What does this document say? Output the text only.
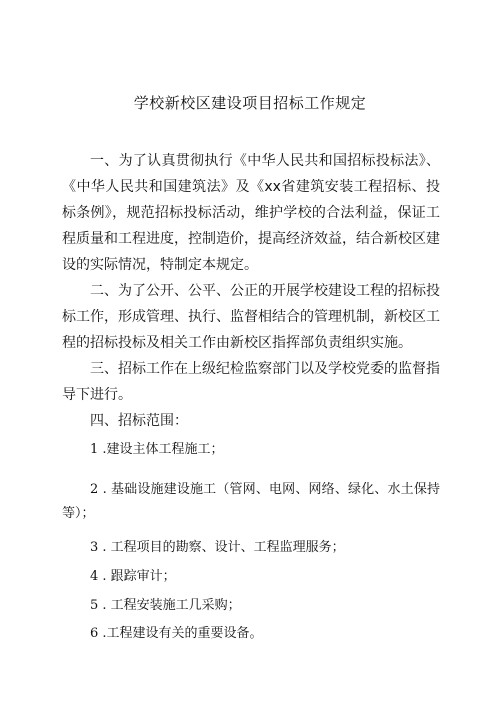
学校新校区建设项目招标工作规定

一、为了认真贯彻执行《中华人民共和国招标投标法》、《中华人民共和国建筑法》及《xx省建筑安装工程招标、投标条例》，规范招标投标活动，维护学校的合法利益，保证工程质量和工程进度，控制造价，提高经济效益，结合新校区建设的实际情况，特制定本规定。

二、为了公开、公平、公正的开展学校建设工程的招标投标工作，形成管理、执行、监督相结合的管理机制，新校区工程的招标投标及相关工作由新校区指挥部负责组织实施。

三、招标工作在上级纪检监察部门以及学校党委的监督指导下进行。

四、招标范围：

1 .建设主体工程施工；

2 . 基础设施建设施工（管网、电网、网络、绿化、水土保持等）；

3 . 工程项目的勘察、设计、工程监理服务；

4 . 跟踪审计；

5 . 工程安装施工几采购；

6 .工程建设有关的重要设备。
